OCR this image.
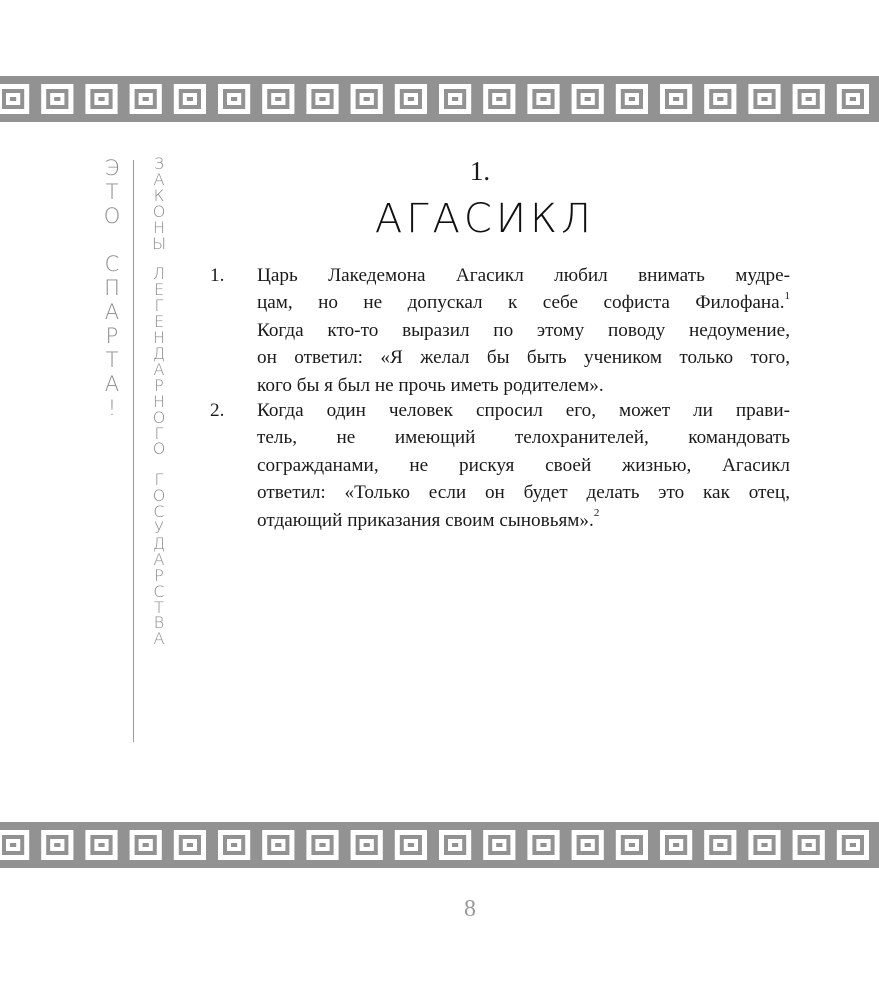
Э
Т
О
С
П
А
Р
Т
А
!
З
А
К
О
Н
Ы
Л
Е
Г
Е
Н
Д
А
Р
Н
О
Г
О
Г
О
С
У
Д
А
Р
С
Т
В
А
1.
АГАСИКЛ
1.	Царь Лакедемона Агасикл любил внимать мудре-
цам, но не допускал к себе софиста Филофана.$^1$
Когда кто-то выразил по этому поводу недоумение,
он ответил: «Я желал бы быть учеником только того,
кого бы я был не прочь иметь родителем».
2.	Когда один человек спросил его, может ли прави-
тель, не имеющий телохранителей, командовать
согражданами, не рискуя своей жизнью, Агасикл
ответил: «Только если он будет делать это как отец,
отдающий приказания своим сыновьям».$^2$
8
